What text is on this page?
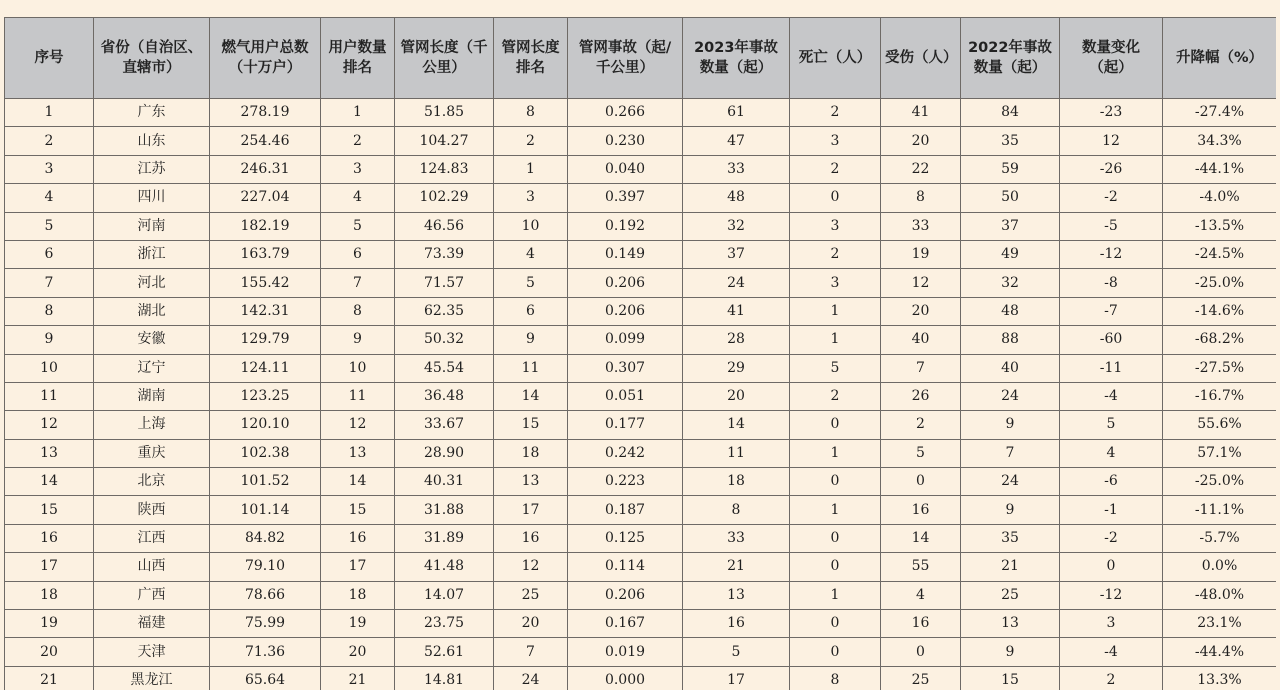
序号	省份（自治区、直辖市）	燃气用户总数（十万户）	用户数量排名	管网长度（千公里）	管网长度排名	管网事故（起/千公里）	2023年事故数量（起）	死亡（人）	受伤（人）	2022年事故数量（起）	数量变化（起）	升降幅（%）

1	广东	278.19	1	51.85	8	0.266	61	2	41	84	-23	-27.4%
2	山东	254.46	2	104.27	2	0.230	47	3	20	35	12	34.3%
3	江苏	246.31	3	124.83	1	0.040	33	2	22	59	-26	-44.1%
4	四川	227.04	4	102.29	3	0.397	48	0	8	50	-2	-4.0%
5	河南	182.19	5	46.56	10	0.192	32	3	33	37	-5	-13.5%
6	浙江	163.79	6	73.39	4	0.149	37	2	19	49	-12	-24.5%
7	河北	155.42	7	71.57	5	0.206	24	3	12	32	-8	-25.0%
8	湖北	142.31	8	62.35	6	0.206	41	1	20	48	-7	-14.6%
9	安徽	129.79	9	50.32	9	0.099	28	1	40	88	-60	-68.2%
10	辽宁	124.11	10	45.54	11	0.307	29	5	7	40	-11	-27.5%
11	湖南	123.25	11	36.48	14	0.051	20	2	26	24	-4	-16.7%
12	上海	120.10	12	33.67	15	0.177	14	0	2	9	5	55.6%
13	重庆	102.38	13	28.90	18	0.242	11	1	5	7	4	57.1%
14	北京	101.52	14	40.31	13	0.223	18	0	0	24	-6	-25.0%
15	陕西	101.14	15	31.88	17	0.187	8	1	16	9	-1	-11.1%
16	江西	84.82	16	31.89	16	0.125	33	0	14	35	-2	-5.7%
17	山西	79.10	17	41.48	12	0.114	21	0	55	21	0	0.0%
18	广西	78.66	18	14.07	25	0.206	13	1	4	25	-12	-48.0%
19	福建	75.99	19	23.75	20	0.167	16	0	16	13	3	23.1%
20	天津	71.36	20	52.61	7	0.019	5	0	0	9	-4	-44.4%
21	黑龙江	65.64	21	14.81	24	0.000	17	8	25	15	2	13.3%
